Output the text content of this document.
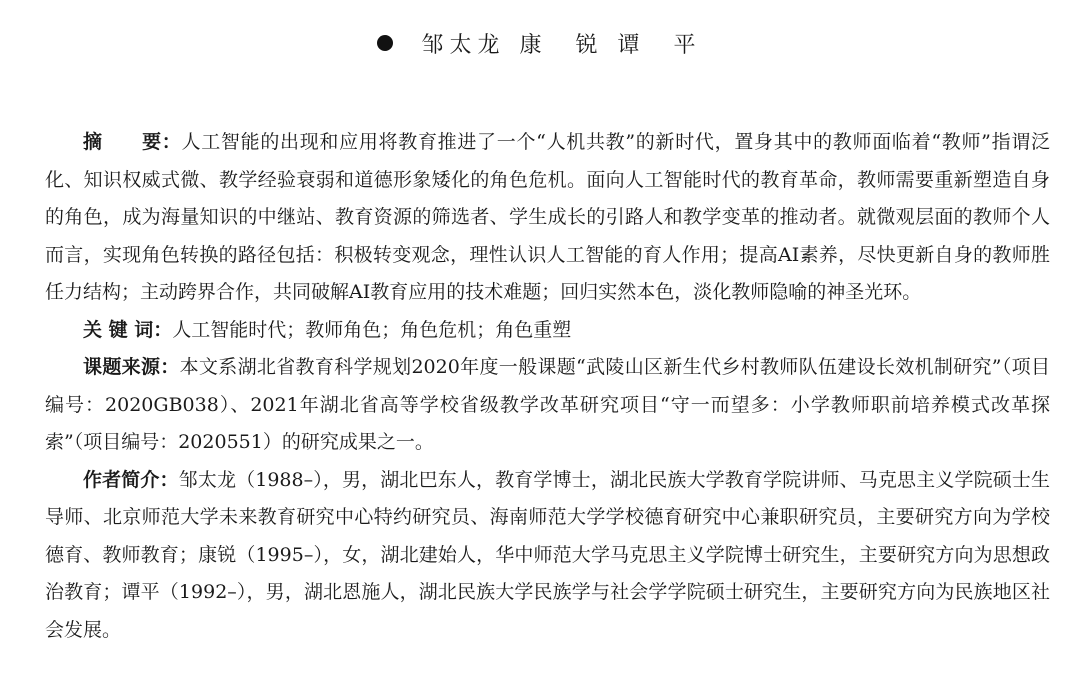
邹太龙 康　锐 谭　平

摘　　要：人工智能的出现和应用将教育推进了一个“人机共教”的新时代，置身其中的教师面临着“教师”指谓泛化、知识权威式微、教学经验衰弱和道德形象矮化的角色危机。面向人工智能时代的教育革命，教师需要重新塑造自身的角色，成为海量知识的中继站、教育资源的筛选者、学生成长的引路人和教学变革的推动者。就微观层面的教师个人而言，实现角色转换的路径包括：积极转变观念，理性认识人工智能的育人作用；提高AI素养，尽快更新自身的教师胜任力结构；主动跨界合作，共同破解AI教育应用的技术难题；回归实然本色，淡化教师隐喻的神圣光环。

关 键 词：人工智能时代；教师角色；角色危机；角色重塑

课题来源：本文系湖北省教育科学规划2020年度一般课题“武陵山区新生代乡村教师队伍建设长效机制研究”（项目编号：2020GB038）、2021年湖北省高等学校省级教学改革研究项目“守一而望多：小学教师职前培养模式改革探索”（项目编号：2020551）的研究成果之一。

作者简介：邹太龙（1988–），男，湖北巴东人，教育学博士，湖北民族大学教育学院讲师、马克思主义学院硕士生导师、北京师范大学未来教育研究中心特约研究员、海南师范大学学校德育研究中心兼职研究员，主要研究方向为学校德育、教师教育；康锐（1995–），女，湖北建始人，华中师范大学马克思主义学院博士研究生，主要研究方向为思想政治教育；谭平（1992–），男，湖北恩施人，湖北民族大学民族学与社会学学院硕士研究生，主要研究方向为民族地区社会发展。
